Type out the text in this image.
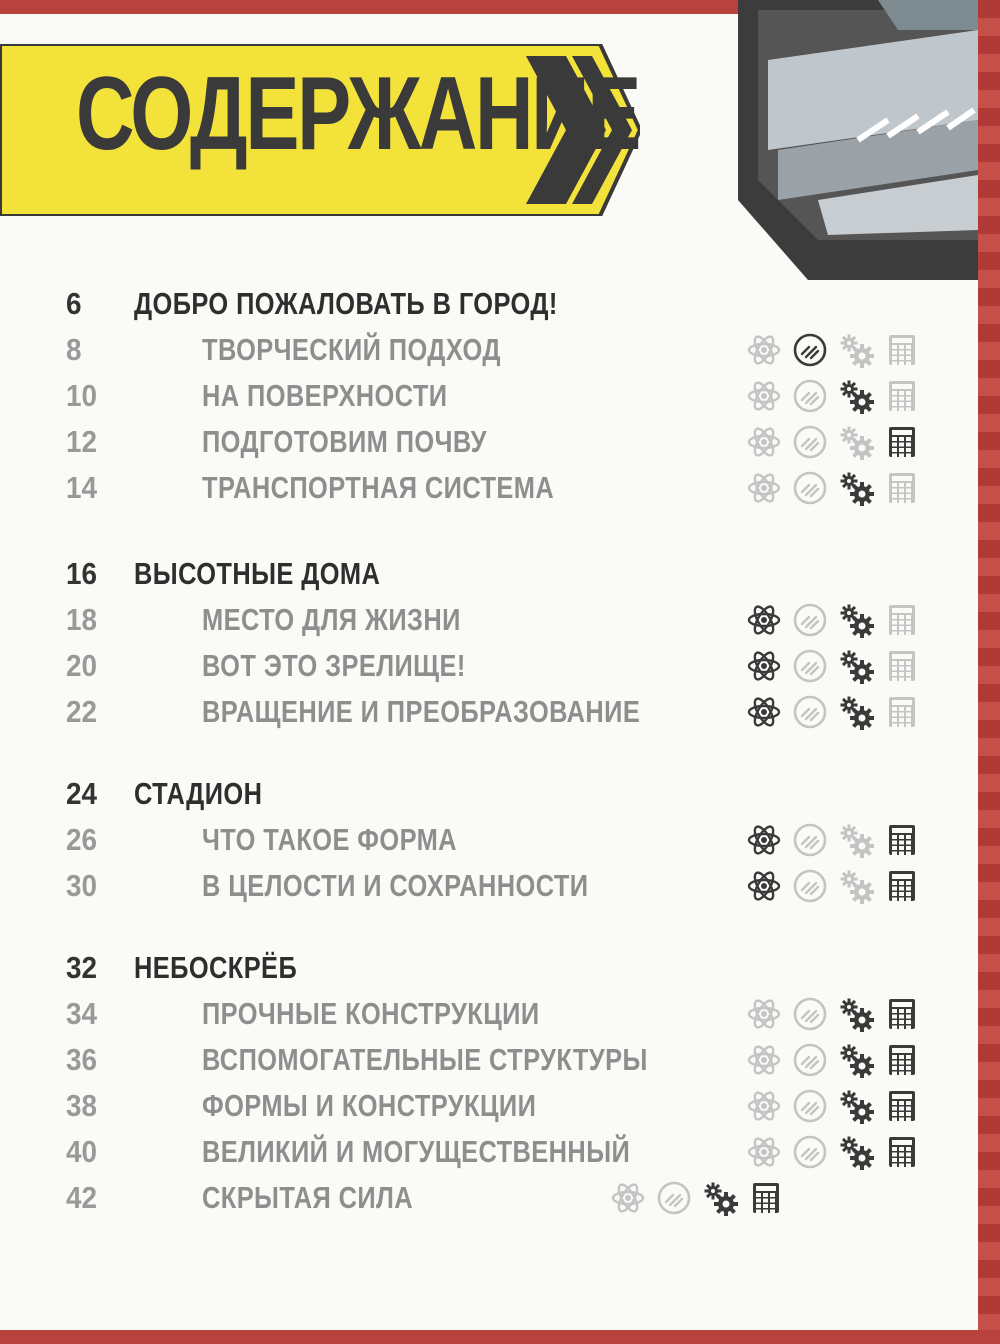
СОДЕРЖАНИЕ
6 ДОБРО ПОЖАЛОВАТЬ В ГОРОД!
8	ТВОРЧЕСКИЙ ПОДХОД
10	НА ПОВЕРХНОСТИ
12	ПОДГОТОВИМ ПОЧВУ
14	ТРАНСПОРТНАЯ СИСТЕМА
16 ВЫСОТНЫЕ ДОМА
18	МЕСТО ДЛЯ ЖИЗНИ
20	ВОТ ЭТО ЗРЕЛИЩЕ!
22	ВРАЩЕНИЕ И ПРЕОБРАЗОВАНИЕ
24 СТАДИОН
26	ЧТО ТАКОЕ ФОРМА
30	В ЦЕЛОСТИ И СОХРАННОСТИ
32 НЕБОСКРЁБ
34	ПРОЧНЫЕ КОНСТРУКЦИИ
36	ВСПОМОГАТЕЛЬНЫЕ СТРУКТУРЫ
38	ФОРМЫ И КОНСТРУКЦИИ
40	ВЕЛИКИЙ И МОГУЩЕСТВЕННЫЙ
42	СКРЫТАЯ СИЛА
